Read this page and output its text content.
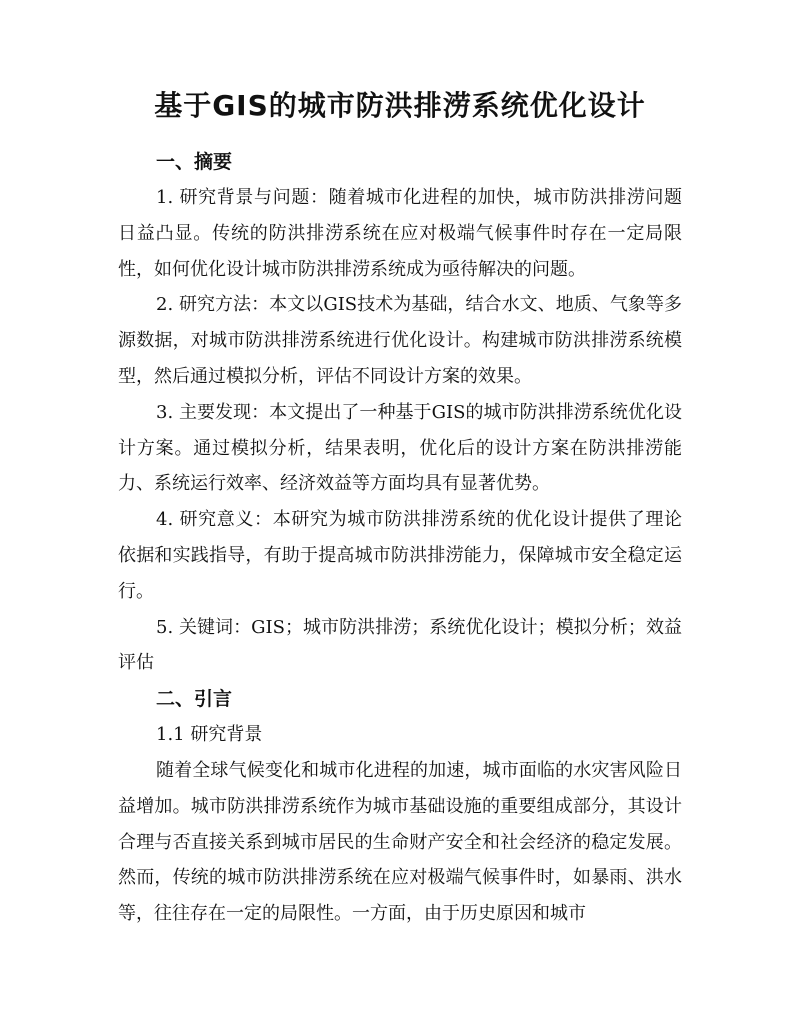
基于GIS的城市防洪排涝系统优化设计
一、摘要

1. 研究背景与问题：随着城市化进程的加快，城市防洪排涝问题日益凸显。传统的防洪排涝系统在应对极端气候事件时存在一定局限性，如何优化设计城市防洪排涝系统成为亟待解决的问题。

2. 研究方法：本文以GIS技术为基础，结合水文、地质、气象等多源数据，对城市防洪排涝系统进行优化设计。构建城市防洪排涝系统模型，然后通过模拟分析，评估不同设计方案的效果。

3. 主要发现：本文提出了一种基于GIS的城市防洪排涝系统优化设计方案。通过模拟分析，结果表明，优化后的设计方案在防洪排涝能力、系统运行效率、经济效益等方面均具有显著优势。

4. 研究意义：本研究为城市防洪排涝系统的优化设计提供了理论依据和实践指导，有助于提高城市防洪排涝能力，保障城市安全稳定运行。

5. 关键词：GIS；城市防洪排涝；系统优化设计；模拟分析；效益评估

二、引言

1.1 研究背景

随着全球气候变化和城市化进程的加速，城市面临的水灾害风险日益增加。城市防洪排涝系统作为城市基础设施的重要组成部分，其设计合理与否直接关系到城市居民的生命财产安全和社会经济的稳定发展。然而，传统的城市防洪排涝系统在应对极端气候事件时，如暴雨、洪水等，往往存在一定的局限性。一方面，由于历史原因和城市
